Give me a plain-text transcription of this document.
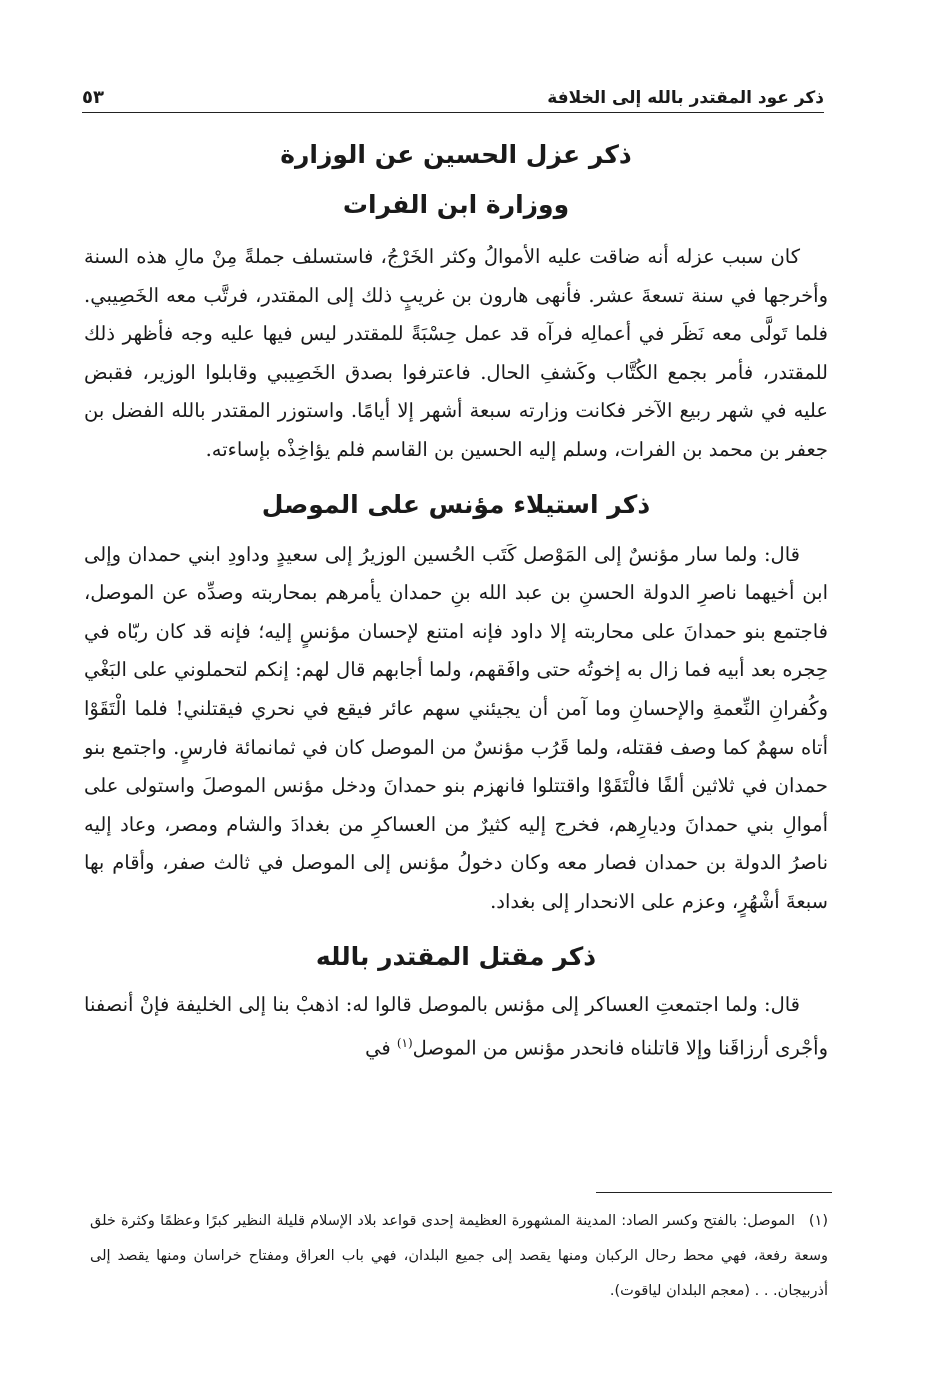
ذكر عود المقتدر بالله إلى الخلافة
٥٣
ذكر عزل الحسين عن الوزارة
ووزارة ابن الفرات

كان سبب عزله أنه ضاقت عليه الأموالُ وكثر الخَرْجُ، فاستسلف جملةً مِنْ مالِ هذه السنة وأخرجها في سنة تسعةَ عشر. فأنهى هارون بن غريبٍ ذلك إلى المقتدر، فرتَّب معه الخَصِيبي. فلما تَولَّى معه نَظَر في أعمالِه فرآه قد عمل حِسْبَةً للمقتدر ليس فيها عليه وجه فأظهر ذلك للمقتدر، فأمر بجمع الكُتَّاب وكَشفِ الحال. فاعترفوا بصدق الخَصِيبي وقابلوا الوزير، فقبض عليه في شهر ربيع الآخر فكانت وزارته سبعة أشهر إلا أيامًا. واستوزر المقتدر بالله الفضل بن جعفر بن محمد بن الفرات، وسلم إليه الحسين بن القاسم فلم يؤاخِذْه بإساءته.

ذكر استيلاء مؤنس على الموصل

قال: ولما سار مؤنسٌ إلى المَوْصل كَتَب الحُسين الوزيرُ إلى سعيدٍ وداودِ ابني حمدان وإلى ابن أخيهما ناصرِ الدولة الحسنِ بن عبد الله بنِ حمدان يأمرهم بمحاربته وصدِّه عن الموصل، فاجتمع بنو حمدانَ على محاربته إلا داود فإنه امتنع لإحسان مؤنسٍ إليه؛ فإنه قد كان ربّاه في حِجره بعد أبيه فما زال به إخوتُه حتى وافَقهم، ولما أجابهم قال لهم: إنكم لتحملوني على البَغْي وكُفرانِ النِّعمةِ والإحسانِ وما آمن أن يجيئني سهم عائر فيقع في نحري فيقتلني! فلما الْتَقَوْا أتاه سهمٌ كما وصف فقتله، ولما قَرُب مؤنسٌ من الموصل كان في ثمانمائة فارسٍ. واجتمع بنو حمدان في ثلاثين ألفًا فالْتَقَوْا واقتتلوا فانهزم بنو حمدانَ ودخل مؤنس الموصلَ واستولى على أموالِ بني حمدانَ وديارِهم، فخرج إليه كثيرٌ من العساكرِ من بغدادَ والشام ومصر، وعاد إليه ناصرُ الدولة بن حمدان فصار معه وكان دخولُ مؤنس إلى الموصل في ثالث صفر، وأقام بها سبعةَ أشْهُرٍ، وعزم على الانحدار إلى بغداد.

ذكر مقتل المقتدر بالله

قال: ولما اجتمعتِ العساكر إلى مؤنس بالموصل قالوا له: اذهبْ بنا إلى الخليفة فإنْ أنصفنا وأجْرى أرزاقَنا وإلا قاتلناه فانحدر مؤنس من الموصل$^{(١)}$ في

(١)الموصل: بالفتح وكسر الصاد: المدينة المشهورة العظيمة إحدى قواعد بلاد الإسلام قليلة النظير كبرًا وعظمًا وكثرة خلق وسعة رفعة، فهي محط رحال الركبان ومنها يقصد إلى جميع البلدان، فهي باب العراق ومفتاح خراسان ومنها يقصد إلى أذربيجان. . . (معجم البلدان لياقوت).
